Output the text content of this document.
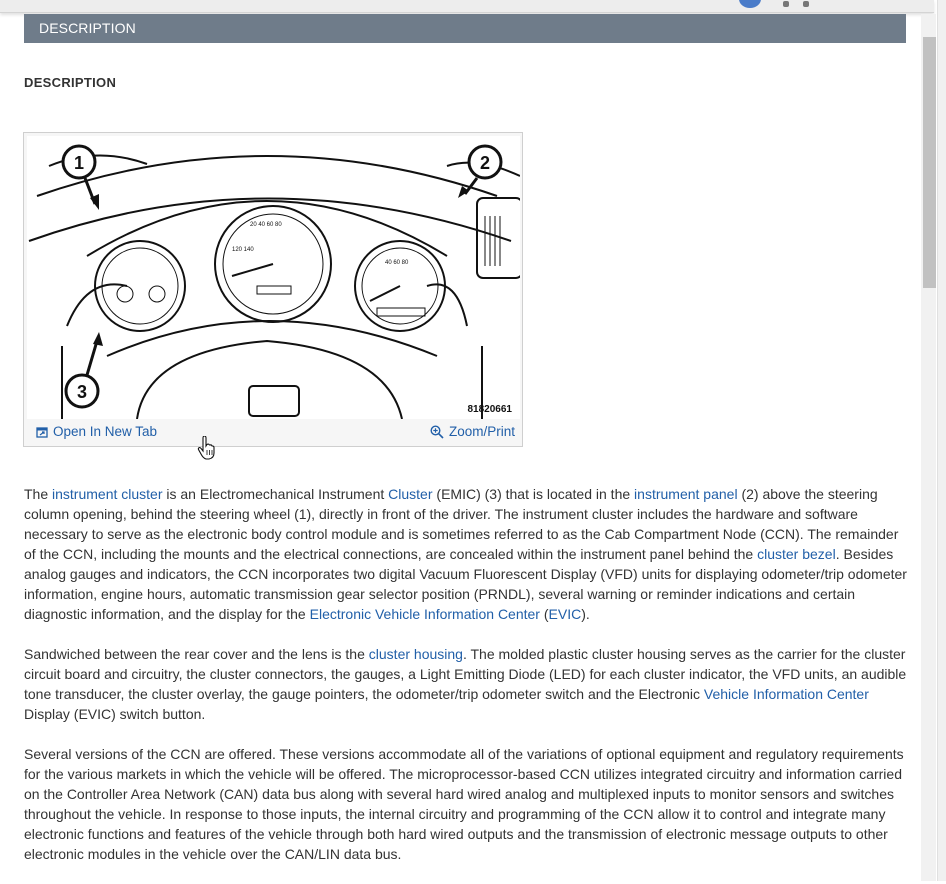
DESCRIPTION
DESCRIPTION
20 40 60 80
120 140
40 60 80
1	2
3
81820661
Open In New Tab	Zoom/Print

The instrument cluster is an Electromechanical Instrument Cluster (EMIC) (3) that is located in the instrument panel (2) above the steering column opening, behind the steering wheel (1), directly in front of the driver. The instrument cluster includes the hardware and software necessary to serve as the electronic body control module and is sometimes referred to as the Cab Compartment Node (CCN). The remainder of the CCN, including the mounts and the electrical connections, are concealed within the instrument panel behind the cluster bezel. Besides analog gauges and indicators, the CCN incorporates two digital Vacuum Fluorescent Display (VFD) units for displaying odometer/trip odometer information, engine hours, automatic transmission gear selector position (PRNDL), several warning or reminder indications and certain diagnostic information, and the display for the Electronic Vehicle Information Center (EVIC).

Sandwiched between the rear cover and the lens is the cluster housing. The molded plastic cluster housing serves as the carrier for the cluster circuit board and circuitry, the cluster connectors, the gauges, a Light Emitting Diode (LED) for each cluster indicator, the VFD units, an audible tone transducer, the cluster overlay, the gauge pointers, the odometer/trip odometer switch and the Electronic Vehicle Information Center Display (EVIC) switch button.

Several versions of the CCN are offered. These versions accommodate all of the variations of optional equipment and regulatory requirements for the various markets in which the vehicle will be offered. The microprocessor-based CCN utilizes integrated circuitry and information carried on the Controller Area Network (CAN) data bus along with several hard wired analog and multiplexed inputs to monitor sensors and switches throughout the vehicle. In response to those inputs, the internal circuitry and programming of the CCN allow it to control and integrate many electronic functions and features of the vehicle through both hard wired outputs and the transmission of electronic message outputs to other electronic modules in the vehicle over the CAN/LIN data bus.
